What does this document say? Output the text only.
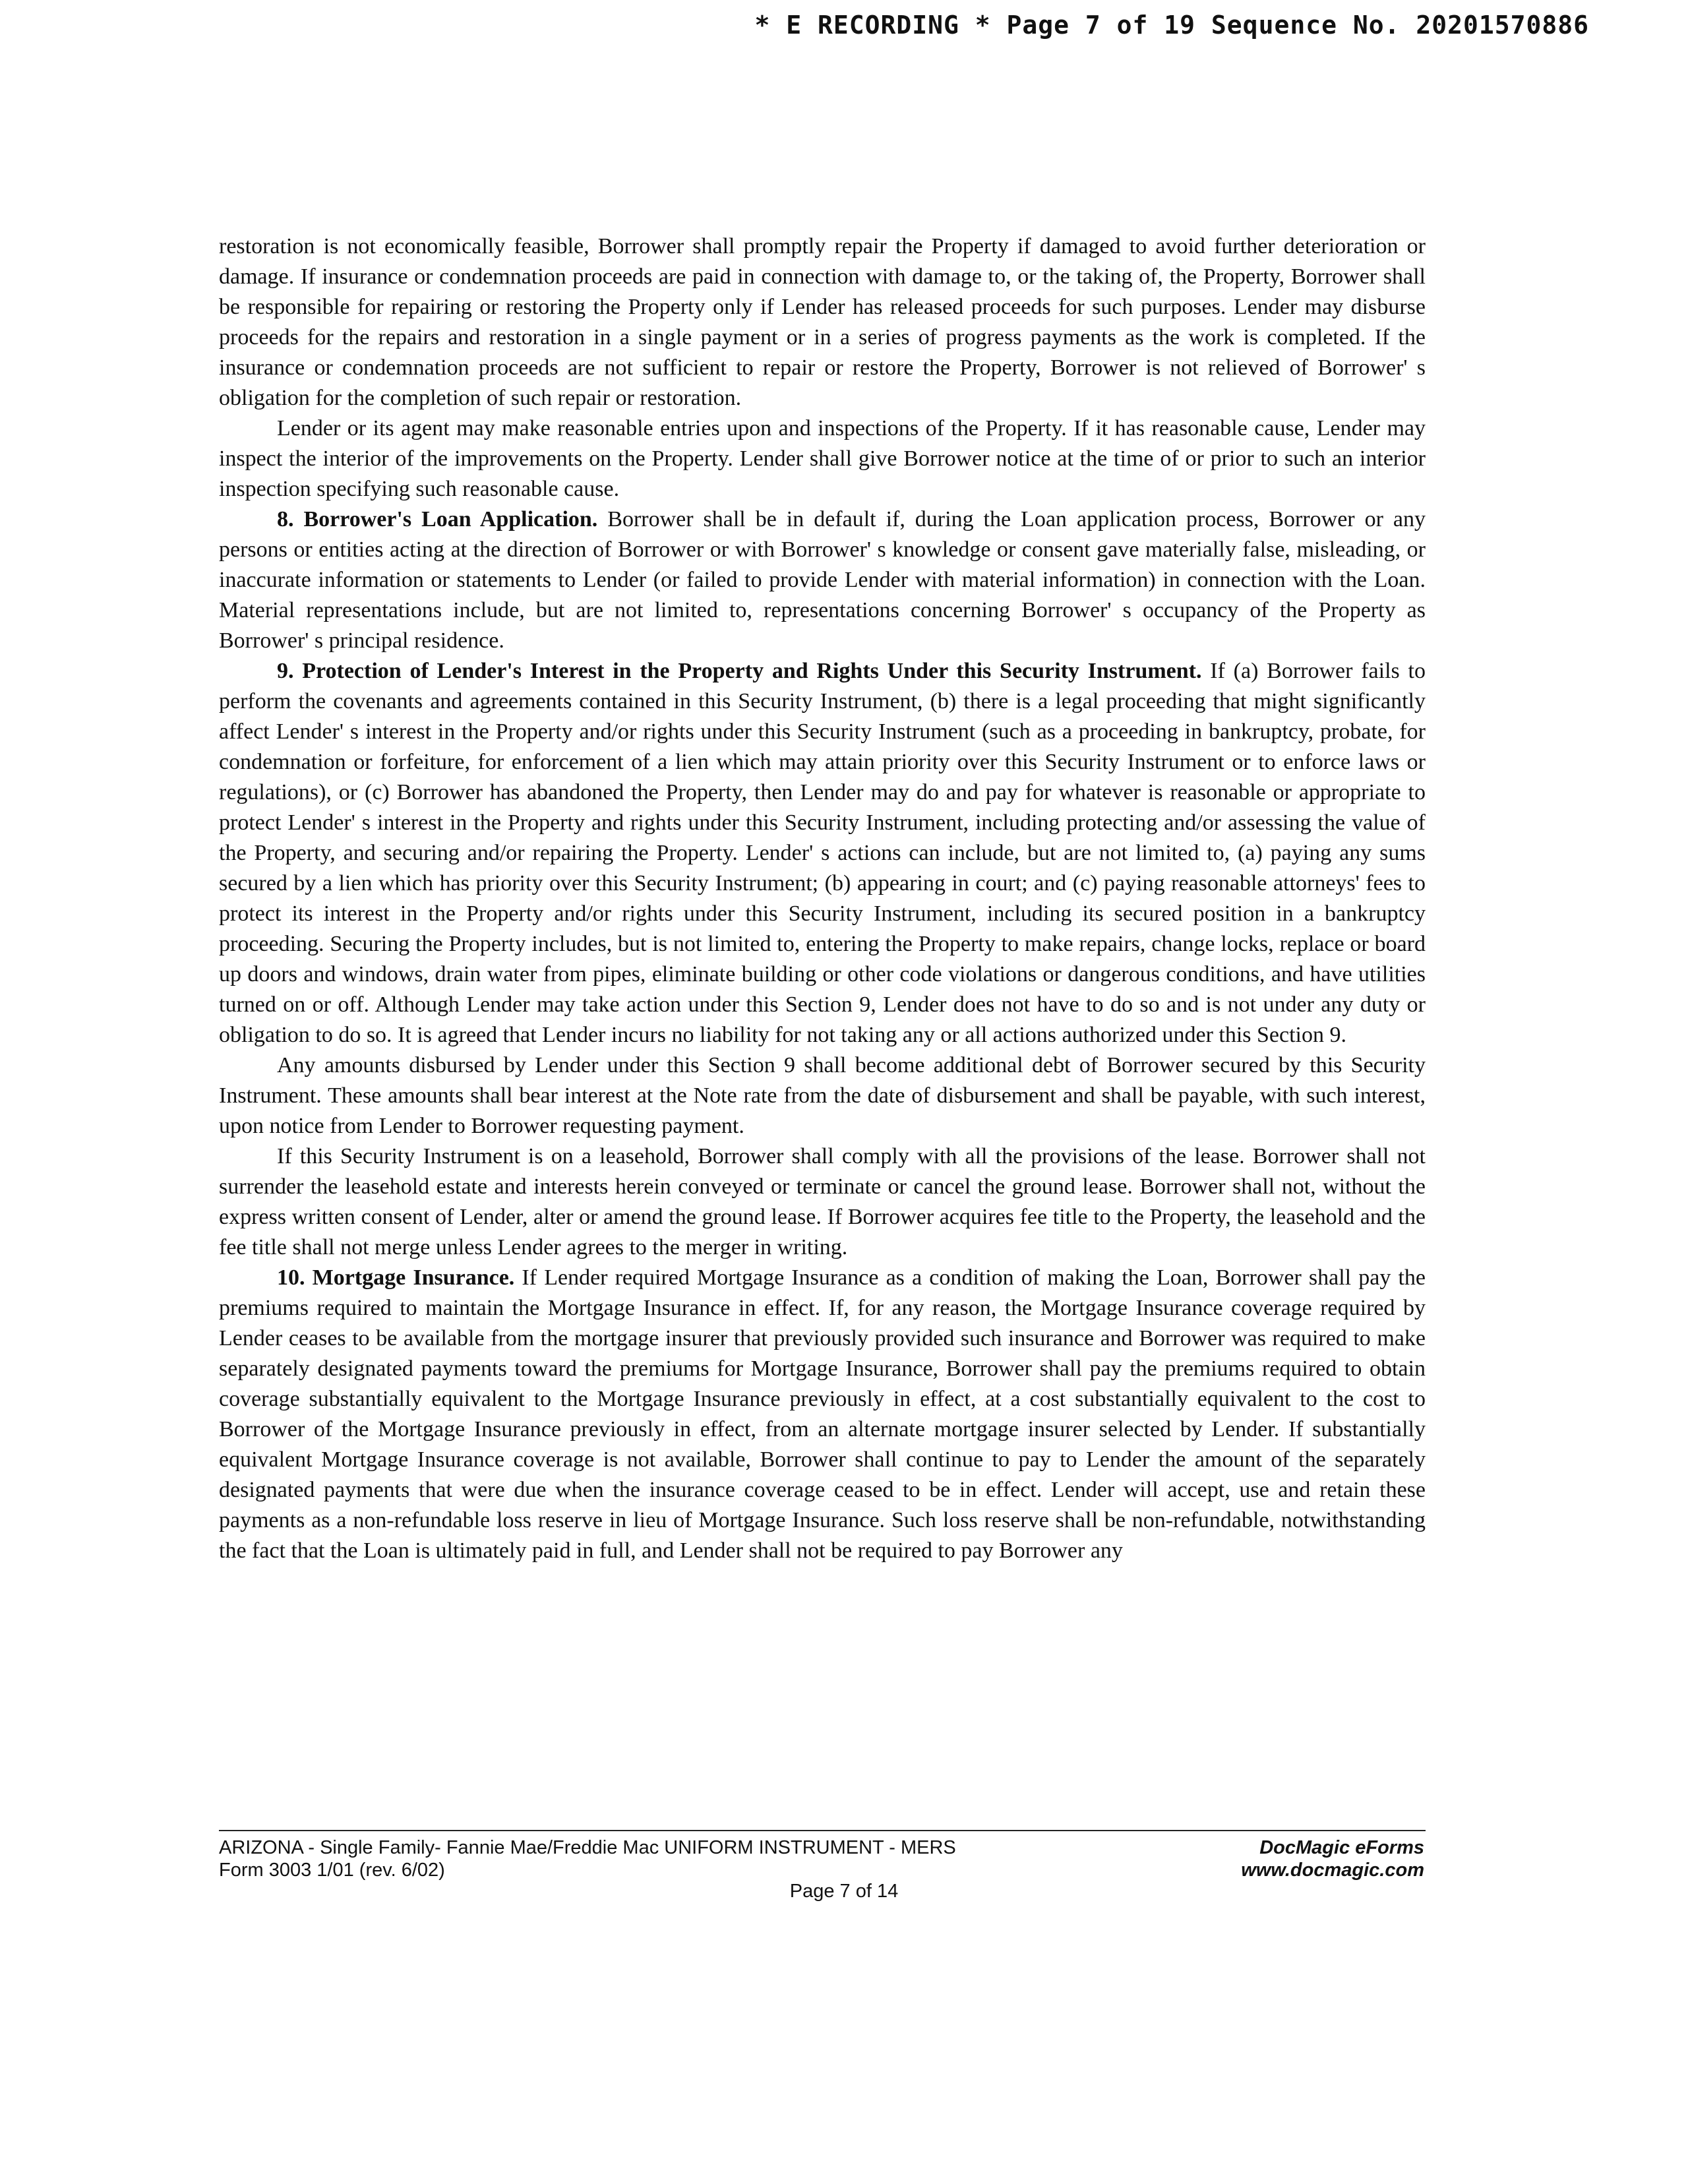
* E RECORDING * Page 7 of 19 Sequence No. 20201570886

restoration is not economically feasible, Borrower shall promptly repair the Property if damaged to avoid further deterioration or damage. If insurance or condemnation proceeds are paid in connection with damage to, or the taking of, the Property, Borrower shall be responsible for repairing or restoring the Property only if Lender has released proceeds for such purposes. Lender may disburse proceeds for the repairs and restoration in a single payment or in a series of progress payments as the work is completed. If the insurance or condemnation proceeds are not sufficient to repair or restore the Property, Borrower is not relieved of Borrower' s obligation for the completion of such repair or restoration.

Lender or its agent may make reasonable entries upon and inspections of the Property. If it has reasonable cause, Lender may inspect the interior of the improvements on the Property. Lender shall give Borrower notice at the time of or prior to such an interior inspection specifying such reasonable cause.

8. Borrower's Loan Application. Borrower shall be in default if, during the Loan application process, Borrower or any persons or entities acting at the direction of Borrower or with Borrower' s knowledge or consent gave materially false, misleading, or inaccurate information or statements to Lender (or failed to provide Lender with material information) in connection with the Loan. Material representations include, but are not limited to, representations concerning Borrower' s occupancy of the Property as Borrower' s principal residence.

9. Protection of Lender's Interest in the Property and Rights Under this Security Instrument. If (a) Borrower fails to perform the covenants and agreements contained in this Security Instrument, (b) there is a legal proceeding that might significantly affect Lender' s interest in the Property and/or rights under this Security Instrument (such as a proceeding in bankruptcy, probate, for condemnation or forfeiture, for enforcement of a lien which may attain priority over this Security Instrument or to enforce laws or regulations), or (c) Borrower has abandoned the Property, then Lender may do and pay for whatever is reasonable or appropriate to protect Lender' s interest in the Property and rights under this Security Instrument, including protecting and/or assessing the value of the Property, and securing and/or repairing the Property. Lender' s actions can include, but are not limited to, (a) paying any sums secured by a lien which has priority over this Security Instrument; (b) appearing in court; and (c) paying reasonable attorneys' fees to protect its interest in the Property and/or rights under this Security Instrument, including its secured position in a bankruptcy proceeding. Securing the Property includes, but is not limited to, entering the Property to make repairs, change locks, replace or board up doors and windows, drain water from pipes, eliminate building or other code violations or dangerous conditions, and have utilities turned on or off. Although Lender may take action under this Section 9, Lender does not have to do so and is not under any duty or obligation to do so. It is agreed that Lender incurs no liability for not taking any or all actions authorized under this Section 9.

Any amounts disbursed by Lender under this Section 9 shall become additional debt of Borrower secured by this Security Instrument. These amounts shall bear interest at the Note rate from the date of disbursement and shall be payable, with such interest, upon notice from Lender to Borrower requesting payment.

If this Security Instrument is on a leasehold, Borrower shall comply with all the provisions of the lease. Borrower shall not surrender the leasehold estate and interests herein conveyed or terminate or cancel the ground lease. Borrower shall not, without the express written consent of Lender, alter or amend the ground lease. If Borrower acquires fee title to the Property, the leasehold and the fee title shall not merge unless Lender agrees to the merger in writing.

10. Mortgage Insurance. If Lender required Mortgage Insurance as a condition of making the Loan, Borrower shall pay the premiums required to maintain the Mortgage Insurance in effect. If, for any reason, the Mortgage Insurance coverage required by Lender ceases to be available from the mortgage insurer that previously provided such insurance and Borrower was required to make separately designated payments toward the premiums for Mortgage Insurance, Borrower shall pay the premiums required to obtain coverage substantially equivalent to the Mortgage Insurance previously in effect, at a cost substantially equivalent to the cost to Borrower of the Mortgage Insurance previously in effect, from an alternate mortgage insurer selected by Lender. If substantially equivalent Mortgage Insurance coverage is not available, Borrower shall continue to pay to Lender the amount of the separately designated payments that were due when the insurance coverage ceased to be in effect. Lender will accept, use and retain these payments as a non-refundable loss reserve in lieu of Mortgage Insurance. Such loss reserve shall be non-refundable, notwithstanding the fact that the Loan is ultimately paid in full, and Lender shall not be required to pay Borrower any

ARIZONA - Single Family- Fannie Mae/Freddie Mac UNIFORM INSTRUMENT - MERS
Form 3003 1/01 (rev. 6/02)
DocMagic eForms
www.docmagic.com
Page 7 of 14
